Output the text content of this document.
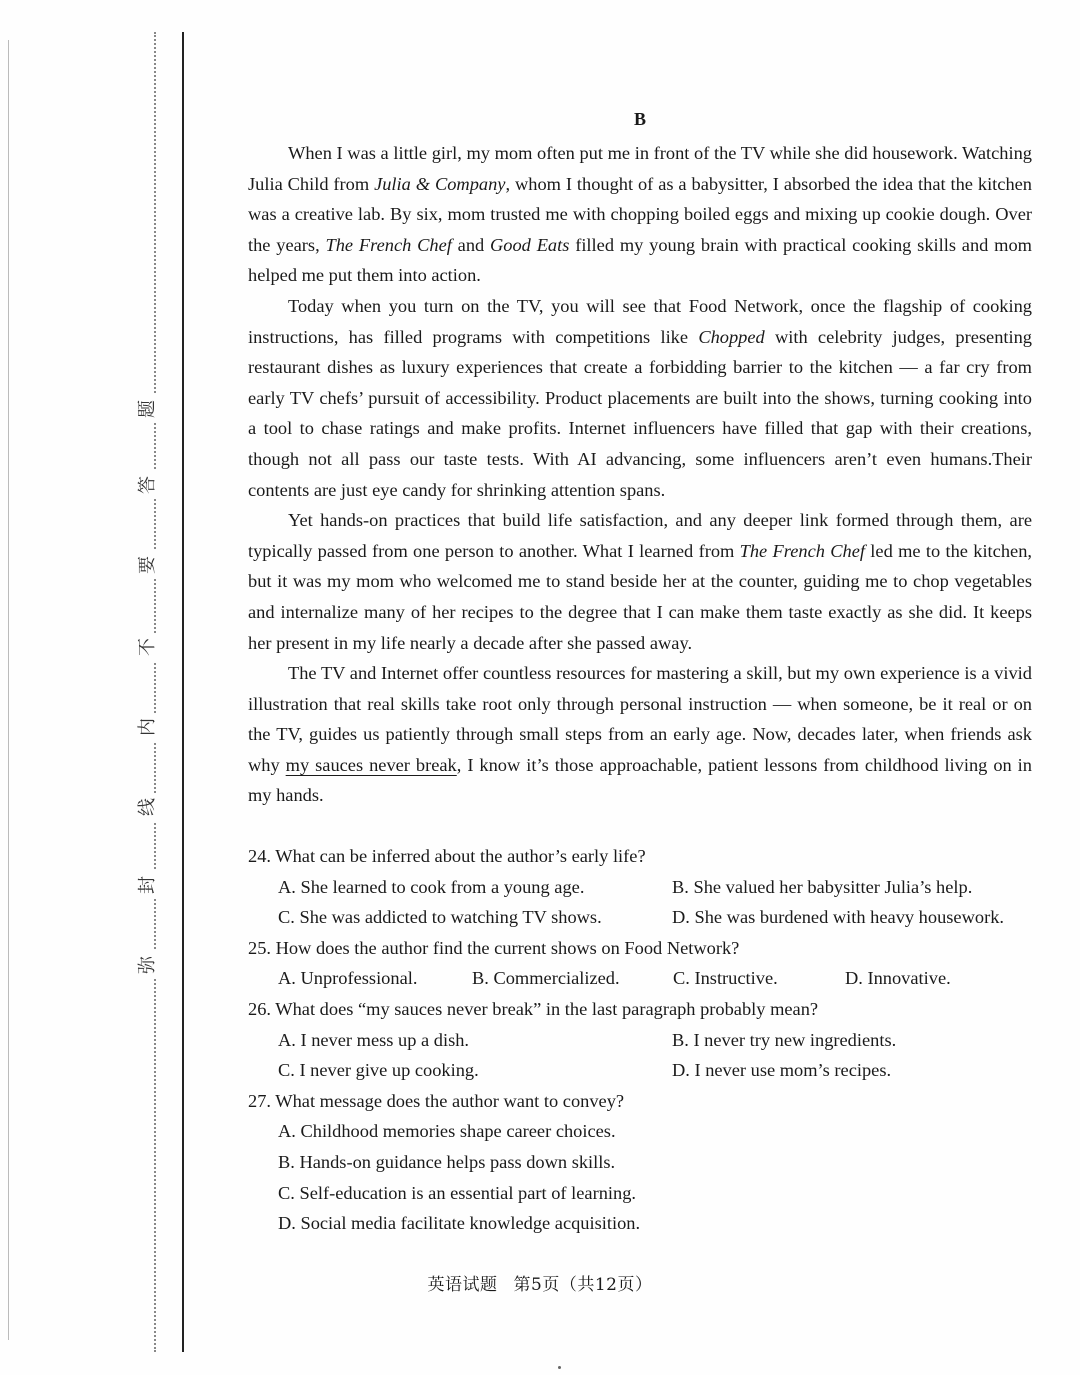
题
答
要
不
内
线
封
弥
B

When I was a little girl, my mom often put me in front of the TV while she did housework. Watching Julia Child from Julia & Company, whom I thought of as a babysitter, I absorbed the idea that the kitchen was a creative lab. By six, mom trusted me with chopping boiled eggs and mixing up cookie dough. Over the years, The French Chef and Good Eats filled my young brain with practical cooking skills and mom helped me put them into action.

Today when you turn on the TV, you will see that Food Network, once the flagship of cooking instructions, has filled programs with competitions like Chopped with celebrity judges, presenting restaurant dishes as luxury experiences that create a forbidding barrier to the kitchen — a far cry from early TV chefs’ pursuit of accessibility. Product placements are built into the shows, turning cooking into a tool to chase ratings and make profits. Internet influencers have filled that gap with their creations, though not all pass our taste tests. With AI advancing, some influencers aren’t even humans.Their contents are just eye candy for shrinking attention spans.

Yet hands-on practices that build life satisfaction, and any deeper link formed through them, are typically passed from one person to another. What I learned from The French Chef led me to the kitchen, but it was my mom who welcomed me to stand beside her at the counter, guiding me to chop vegetables and internalize many of her recipes to the degree that I can make them taste exactly as she did. It keeps her present in my life nearly a decade after she passed away.

The TV and Internet offer countless resources for mastering a skill, but my own experience is a vivid illustration that real skills take root only through personal instruction — when someone, be it real or on the TV, guides us patiently through small steps from an early age. Now, decades later, when friends ask why my sauces never break, I know it’s those approachable, patient lessons from childhood living on in my hands.

24. What can be inferred about the author’s early life?

A. She learned to cook from a young age.	B. She valued her babysitter Julia’s help.
C. She was addicted to watching TV shows.	D. She was burdened with heavy housework.

25. How does the author find the current shows on Food Network?

A. Unprofessional.	B. Commercialized.	C. Instructive.	D. Innovative.

26. What does “my sauces never break” in the last paragraph probably mean?

A. I never mess up a dish.	B. I never try new ingredients.
C. I never give up cooking.	D. I never use mom’s recipes.

27. What message does the author want to convey?

A. Childhood memories shape career choices.
B. Hands-on guidance helps pass down skills.
C. Self-education is an essential part of learning.
D. Social media facilitate knowledge acquisition.
英语试题 第5页（共12页）
